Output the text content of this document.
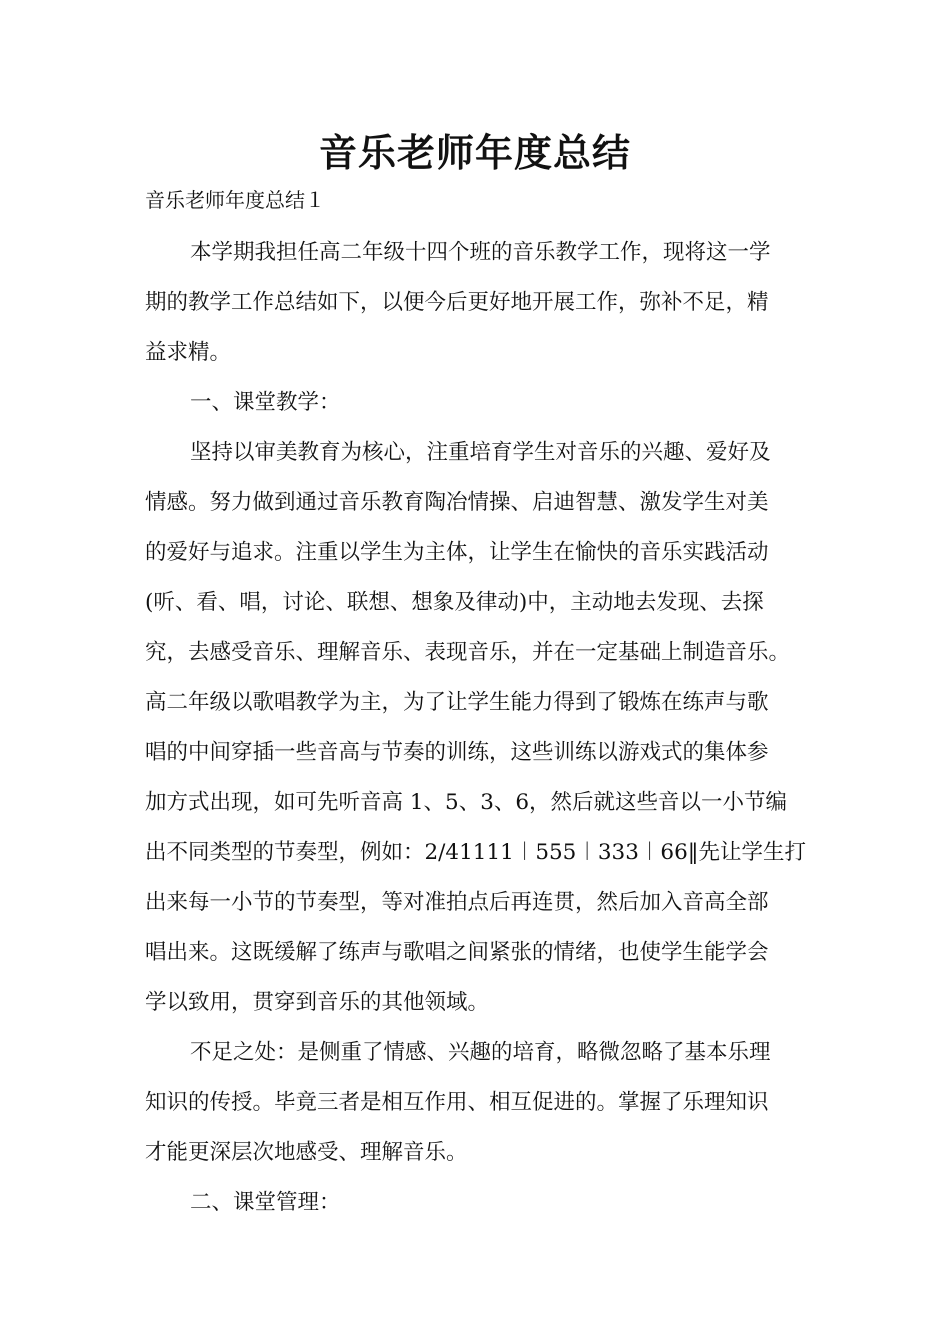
音乐老师年度总结

音乐老师年度总结１

本学期我担任高二年级十四个班的音乐教学工作，现将这一学
期的教学工作总结如下，以便今后更好地开展工作，弥补不足，精
益求精。

一、课堂教学：

坚持以审美教育为核心，注重培育学生对音乐的兴趣、爱好及
情感。努力做到通过音乐教育陶冶情操、启迪智慧、激发学生对美
的爱好与追求。注重以学生为主体，让学生在愉快的音乐实践活动
(听、看、唱，讨论、联想、想象及律动)中，主动地去发现、去探
究，去感受音乐、理解音乐、表现音乐，并在一定基础上制造音乐。
高二年级以歌唱教学为主，为了让学生能力得到了锻炼在练声与歌
唱的中间穿插一些音高与节奏的训练，这些训练以游戏式的集体参
加方式出现，如可先听音高 1、5、3、6，然后就这些音以一小节编
出不同类型的节奏型，例如：2/41111︱555︱333︱66‖先让学生打
出来每一小节的节奏型，等对准拍点后再连贯，然后加入音高全部
唱出来。这既缓解了练声与歌唱之间紧张的情绪，也使学生能学会
学以致用，贯穿到音乐的其他领域。

不足之处：是侧重了情感、兴趣的培育，略微忽略了基本乐理
知识的传授。毕竟三者是相互作用、相互促进的。掌握了乐理知识
才能更深层次地感受、理解音乐。

二、课堂管理：
